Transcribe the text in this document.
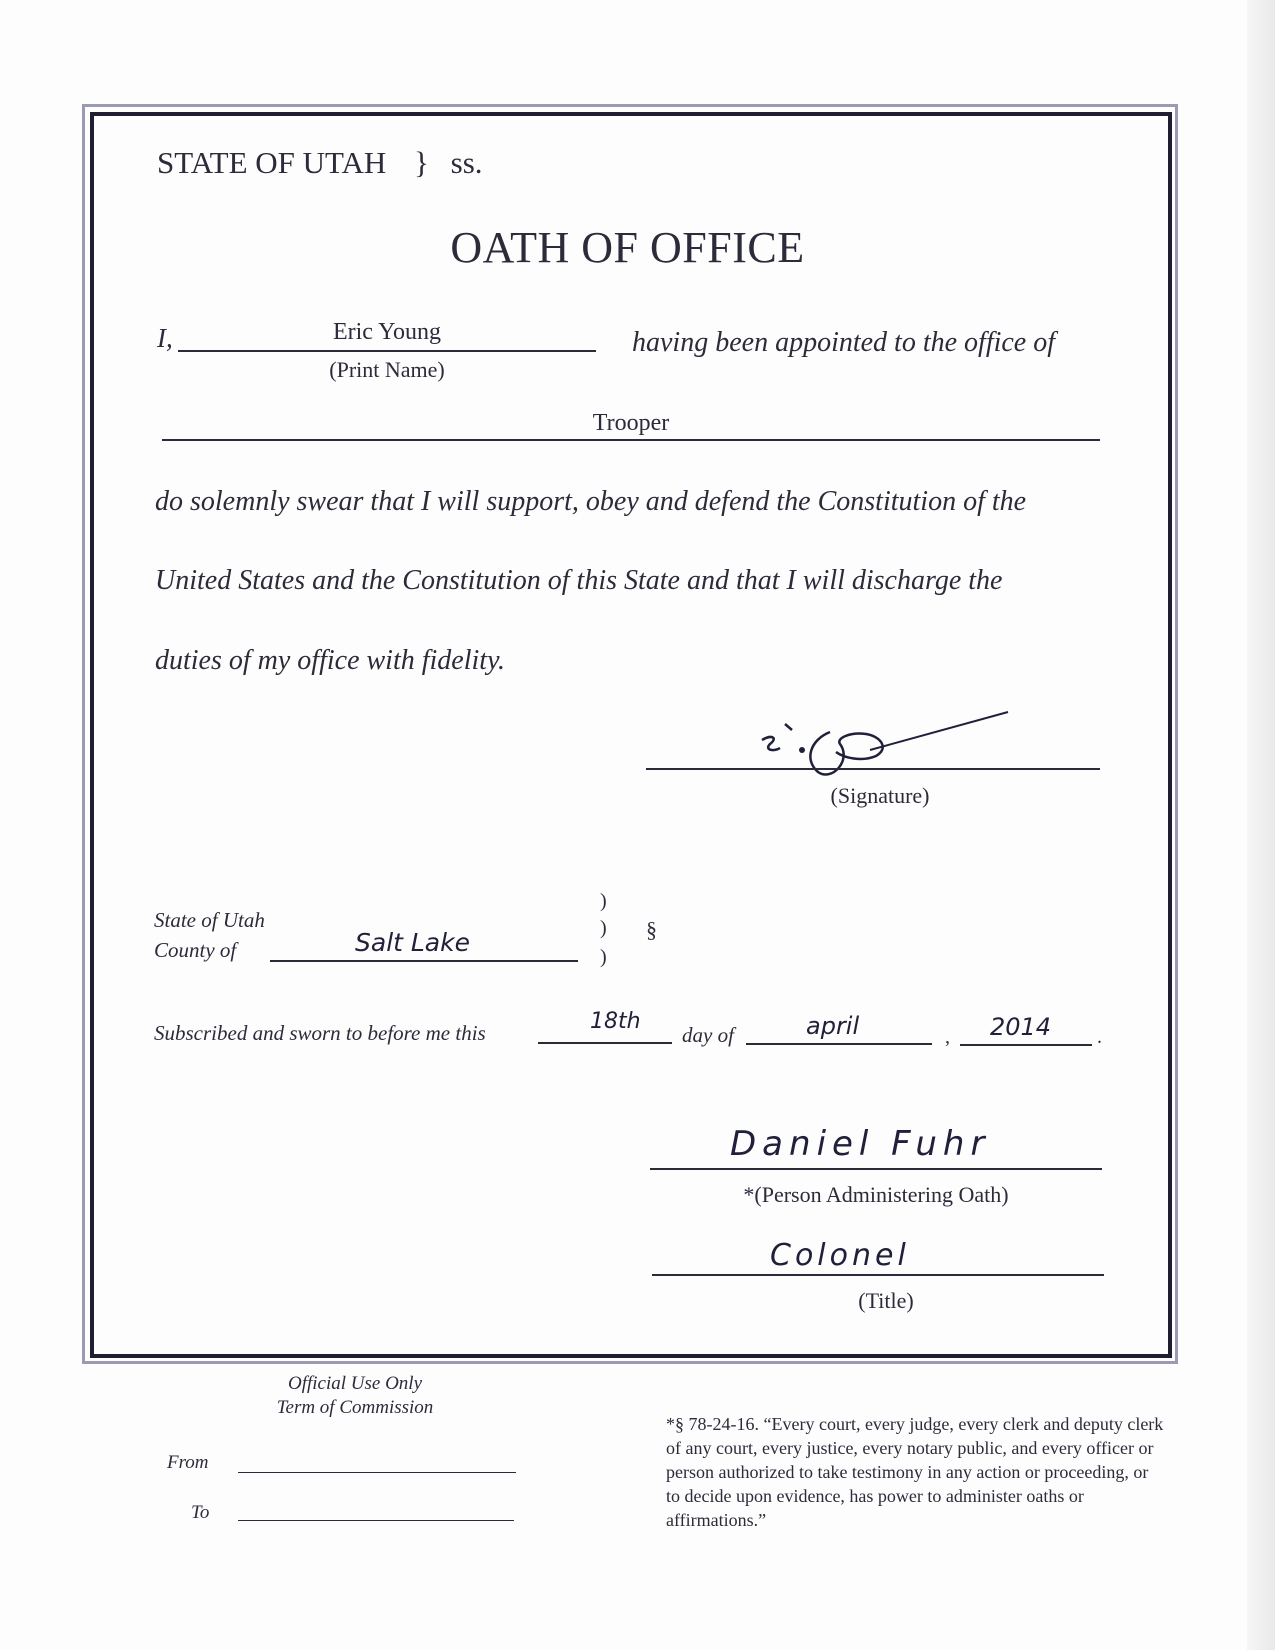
STATE OF UTAH } ss.
OATH OF OFFICE
I,	Eric Young
(Print Name)
having been appointed to the office of
Trooper
do solemnly swear that I will support, obey and defend the Constitution of the
United States and the Constitution of this State and that I will discharge the
duties of my office with fidelity.
(Signature)
State of Utah
County of	Salt Lake
)
)
)
§
Subscribed and sworn to before me this	18th
day of	april	, 2014 .
Daniel Fuhr
*(Person Administering Oath)
Colonel
(Title)
Official Use Only
Term of Commission
From
To
*§ 78-24-16. “Every court, every judge, every clerk and deputy clerk of any court, every justice, every notary public, and every officer or person authorized to take testimony in any action or proceeding, or to decide upon evidence, has power to administer oaths or affirmations.”
